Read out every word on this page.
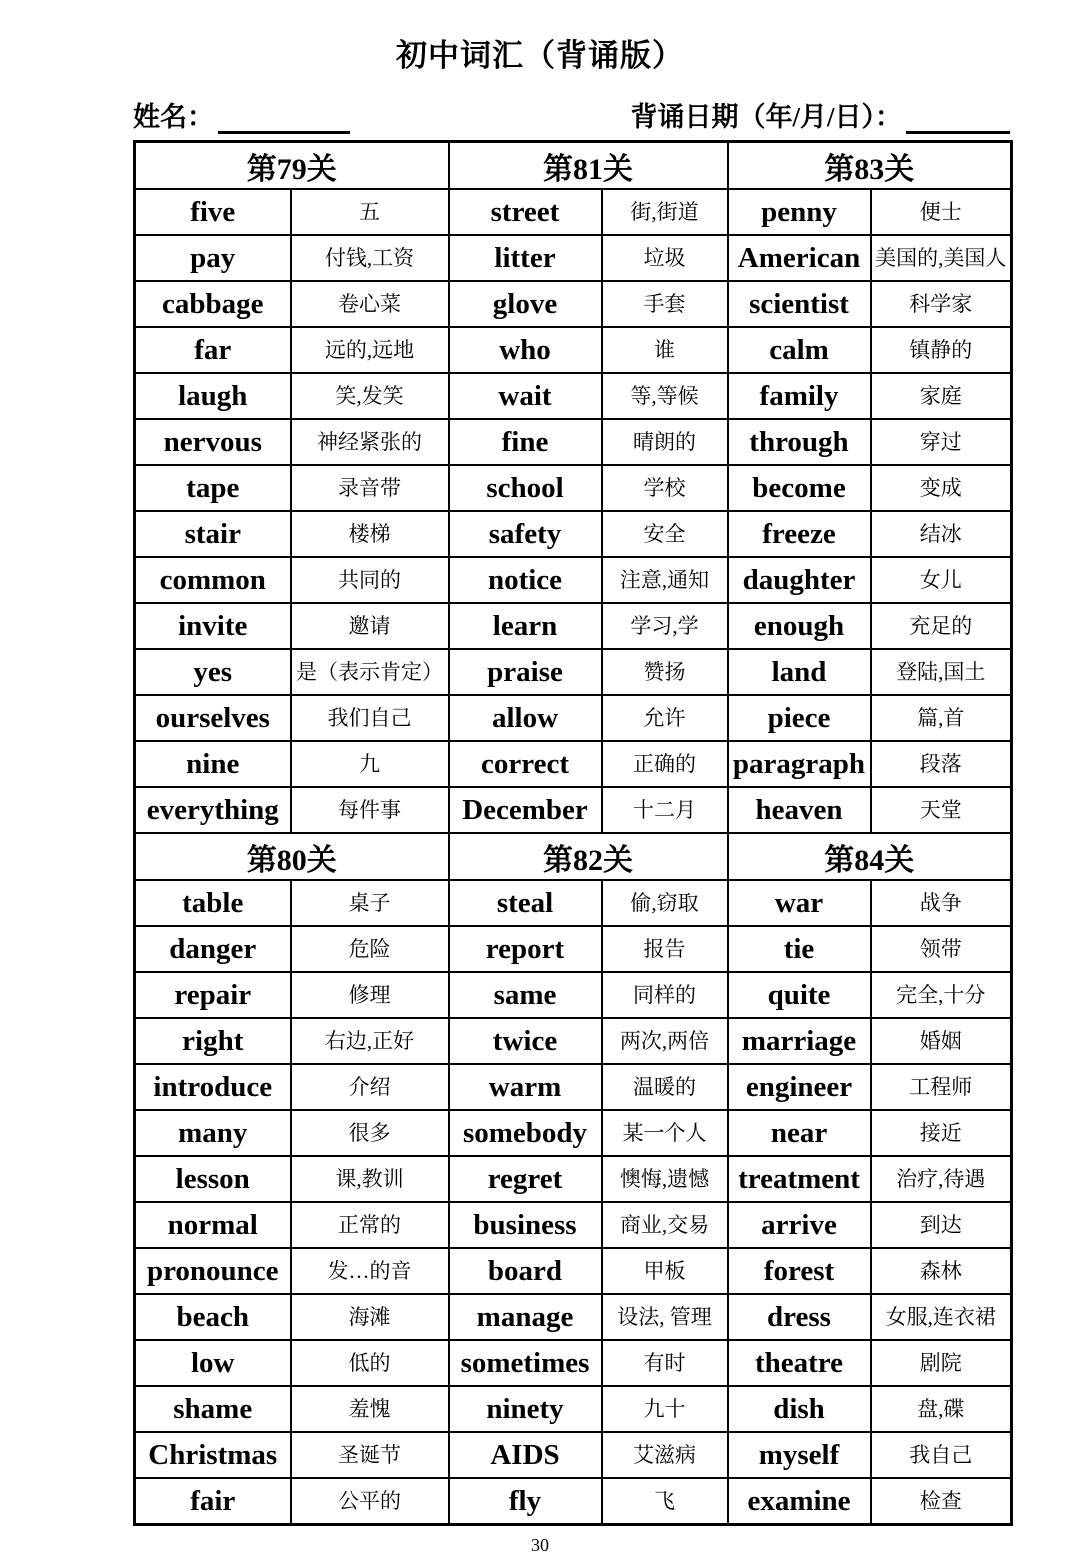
初中词汇（背诵版）
姓名：	背诵日期（年/月/日）：
第79关		第81关		第83关	
five	五	street	街,街道	penny	便士
pay	付钱,工资	litter	垃圾	American	美国的,美国人
cabbage	卷心菜	glove	手套	scientist	科学家
far	远的,远地	who	谁	calm	镇静的
laugh	笑,发笑	wait	等,等候	family	家庭
nervous	神经紧张的	fine	晴朗的	through	穿过
tape	录音带	school	学校	become	变成
stair	楼梯	safety	安全	freeze	结冰
common	共同的	notice	注意,通知	daughter	女儿
invite	邀请	learn	学习,学	enough	充足的
yes	是（表示肯定）	praise	赞扬	land	登陆,国土
ourselves	我们自己	allow	允许	piece	篇,首
nine	九	correct	正确的	paragraph	段落
everything	每件事	December	十二月	heaven	天堂
第80关		第82关		第84关	
table	桌子	steal	偷,窃取	war	战争
danger	危险	report	报告	tie	领带
repair	修理	same	同样的	quite	完全,十分
right	右边,正好	twice	两次,两倍	marriage	婚姻
introduce	介绍	warm	温暖的	engineer	工程师
many	很多	somebody	某一个人	near	接近
lesson	课,教训	regret	懊悔,遗憾	treatment	治疗,待遇
normal	正常的	business	商业,交易	arrive	到达
pronounce	发…的音	board	甲板	forest	森林
beach	海滩	manage	设法, 管理	dress	女服,连衣裙
low	低的	sometimes	有时	theatre	剧院
shame	羞愧	ninety	九十	dish	盘,碟
Christmas	圣诞节	AIDS	艾滋病	myself	我自己
fair	公平的	fly	飞	examine	检查
30
